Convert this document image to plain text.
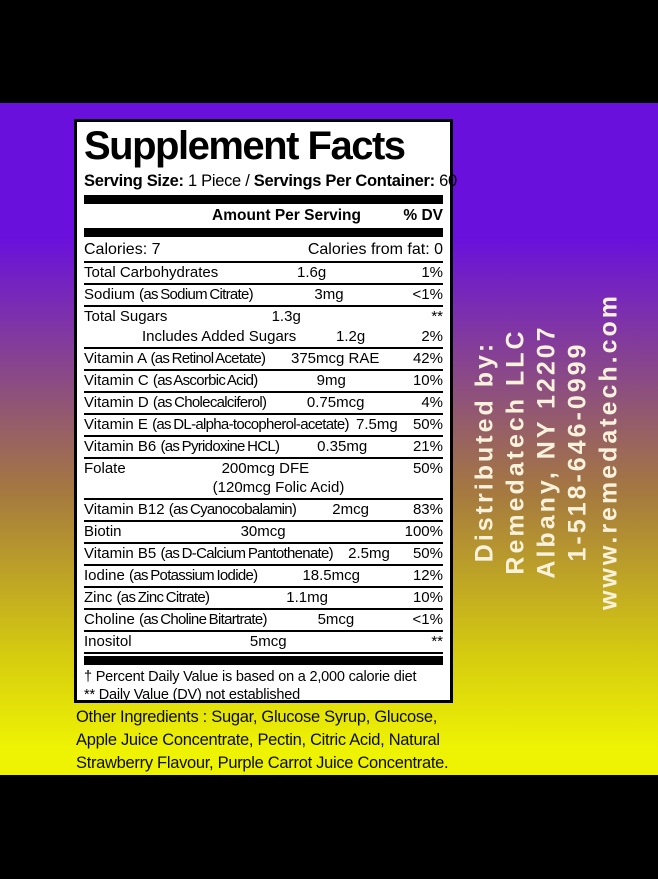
Distributed by: Remedatech LLC Albany, NY 12207 1-518-646-0999 www.remedatech.com
Supplement Facts
Serving Size: 1 Piece / Servings Per Container: 60
Amount Per Serving	% DV
Calories: 7	Calories from fat: 0
Total Carbohydrates	1.6g	1%
Sodium (as Sodium Citrate)	3mg	<1%
Total Sugars	1.3g	**
Includes Added Sugars	1.2g	2%
Vitamin A (as Retinol Acetate)	375mcg RAE	42%
Vitamin C (as Ascorbic Acid)	9mg	10%
Vitamin D (as Cholecalciferol)	0.75mcg	4%
Vitamin E (as DL-alpha-tocopherol-acetate) 7.5mg	50%
Vitamin B6 (as Pyridoxine HCL)	0.35mg	21%
Folate	200mcg DFE	50%
(120mcg Folic Acid)
Vitamin B12 (as Cyanocobalamin)	2mcg	83%
Biotin	30mcg	100%
Vitamin B5 (as D-Calcium Pantothenate)	2.5mg	50%
Iodine (as Potassium Iodide)	18.5mcg	12%
Zinc (as Zinc Citrate)	1.1mg	10%
Choline (as Choline Bitartrate)	5mcg	<1%
Inositol	5mcg	**
† Percent Daily Value is based on a 2,000 calorie diet
** Daily Value (DV) not established
Other Ingredients : Sugar, Glucose Syrup, Glucose,
Apple Juice Concentrate, Pectin, Citric Acid, Natural
Strawberry Flavour, Purple Carrot Juice Concentrate.
